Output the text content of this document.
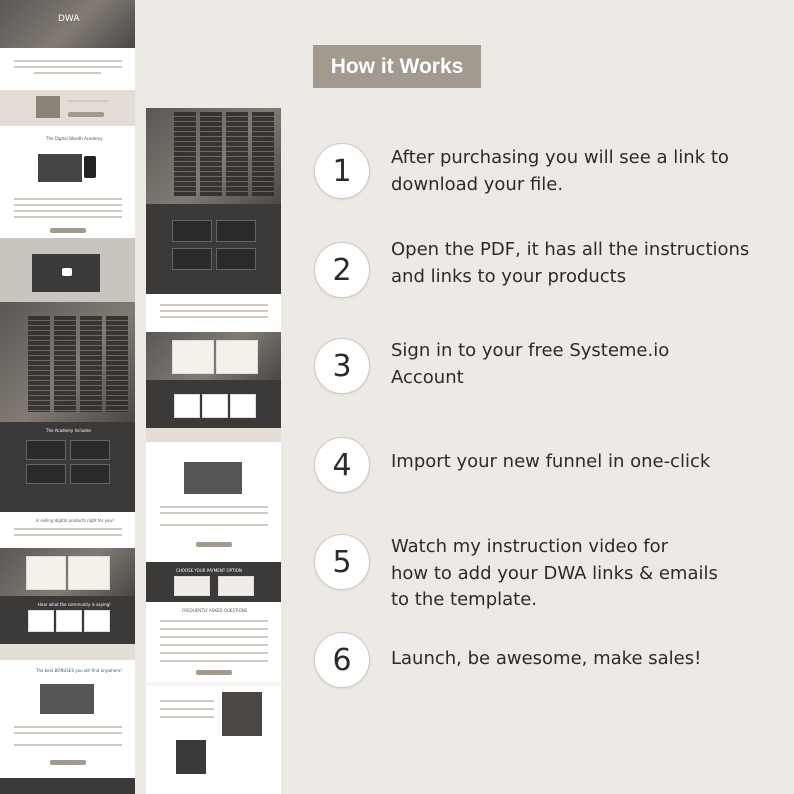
DWA
The Digital Wealth Academy
The Academy Includes
Is selling digital products right for you?
Hear what the community is saying!
The best BONUSES you will find anywhere!
CHOOSE YOUR PAYMENT OPTION
FREQUENTLY ASKED QUESTIONS
How it Works
1	After purchasing you will see a link to
download your file.
2
Open the PDF, it has all the instructions
and links to your products
3	Sign in to your free Systeme.io
Account
4	Import your new funnel in one-click
5	Watch my instruction video for
how to add your DWA links & emails
to the template.
6	Launch, be awesome, make sales!
